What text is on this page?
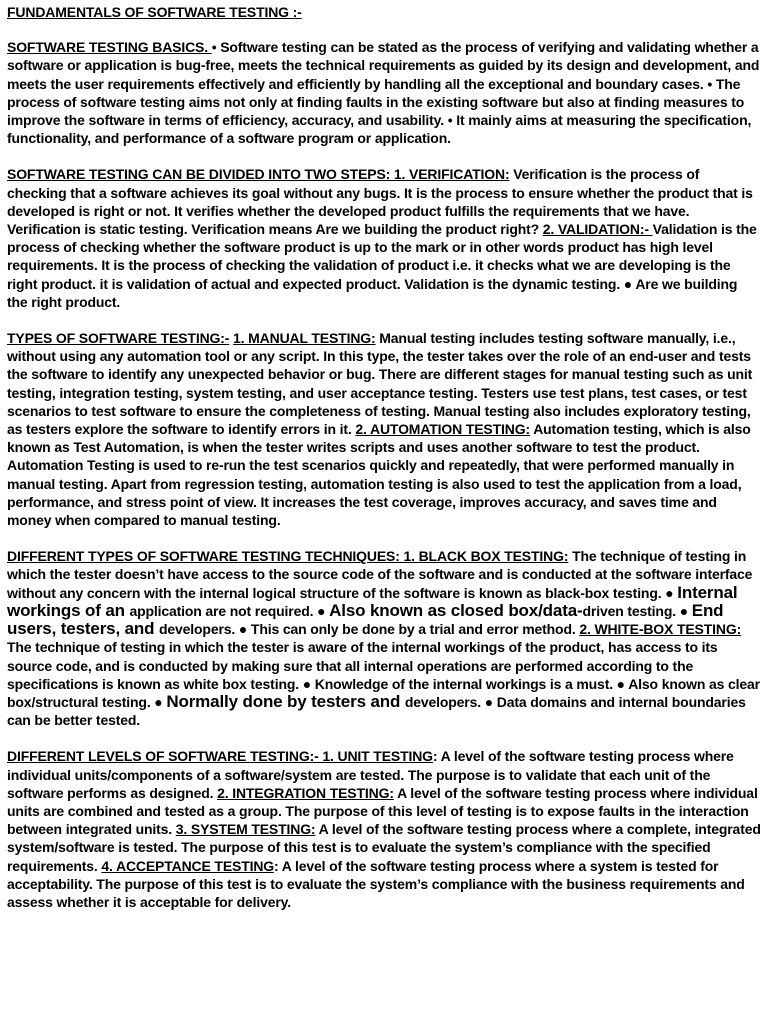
FUNDAMENTALS OF SOFTWARE TESTING :-

SOFTWARE TESTING BASICS. • Software testing can be stated as the process of verifying and validating whether a software or application is bug-free, meets the technical requirements as guided by its design and development, and meets the user requirements effectively and efficiently by handling all the exceptional and boundary cases. • The process of software testing aims not only at finding faults in the existing software but also at finding measures to improve the software in terms of efficiency, accuracy, and usability. • It mainly aims at measuring the specification, functionality, and performance of a software program or application.

SOFTWARE TESTING CAN BE DIVIDED INTO TWO STEPS: 1. VERIFICATION: Verification is the process of checking that a software achieves its goal without any bugs. It is the process to ensure whether the product that is developed is right or not. It verifies whether the developed product fulfills the requirements that we have. Verification is static testing. Verification means Are we building the product right? 2. VALIDATION:- Validation is the process of checking whether the software product is up to the mark or in other words product has high level requirements. It is the process of checking the validation of product i.e. it checks what we are developing is the right product. it is validation of actual and expected product. Validation is the dynamic testing. ● Are we building the right product.

TYPES OF SOFTWARE TESTING:- 1. MANUAL TESTING: Manual testing includes testing software manually, i.e., without using any automation tool or any script. In this type, the tester takes over the role of an end-user and tests the software to identify any unexpected behavior or bug. There are different stages for manual testing such as unit testing, integration testing, system testing, and user acceptance testing. Testers use test plans, test cases, or test scenarios to test software to ensure the completeness of testing. Manual testing also includes exploratory testing, as testers explore the software to identify errors in it. 2. AUTOMATION TESTING: Automation testing, which is also known as Test Automation, is when the tester writes scripts and uses another software to test the product. Automation Testing is used to re-run the test scenarios quickly and repeatedly, that were performed manually in manual testing. Apart from regression testing, automation testing is also used to test the application from a load, performance, and stress point of view. It increases the test coverage, improves accuracy, and saves time and money when compared to manual testing.

DIFFERENT TYPES OF SOFTWARE TESTING TECHNIQUES: 1. BLACK BOX TESTING: The technique of testing in which the tester doesn’t have access to the source code of the software and is conducted at the software interface without any concern with the internal logical structure of the software is known as black-box testing. ● Internal workings of an application are not required. ● Also known as closed box/data-driven testing. ● End users, testers, and developers. ● This can only be done by a trial and error method. 2. WHITE-BOX TESTING: The technique of testing in which the tester is aware of the internal workings of the product, has access to its source code, and is conducted by making sure that all internal operations are performed according to the specifications is known as white box testing. ● Knowledge of the internal workings is a must. ● Also known as clear box/structural testing. ● Normally done by testers and developers. ● Data domains and internal boundaries can be better tested.

DIFFERENT LEVELS OF SOFTWARE TESTING:- 1. UNIT TESTING: A level of the software testing process where individual units/components of a software/system are tested. The purpose is to validate that each unit of the software performs as designed. 2. INTEGRATION TESTING: A level of the software testing process where individual units are combined and tested as a group. The purpose of this level of testing is to expose faults in the interaction between integrated units. 3. SYSTEM TESTING: A level of the software testing process where a complete, integrated system/software is tested. The purpose of this test is to evaluate the system’s compliance with the specified requirements. 4. ACCEPTANCE TESTING: A level of the software testing process where a system is tested for acceptability. The purpose of this test is to evaluate the system’s compliance with the business requirements and assess whether it is acceptable for delivery.
